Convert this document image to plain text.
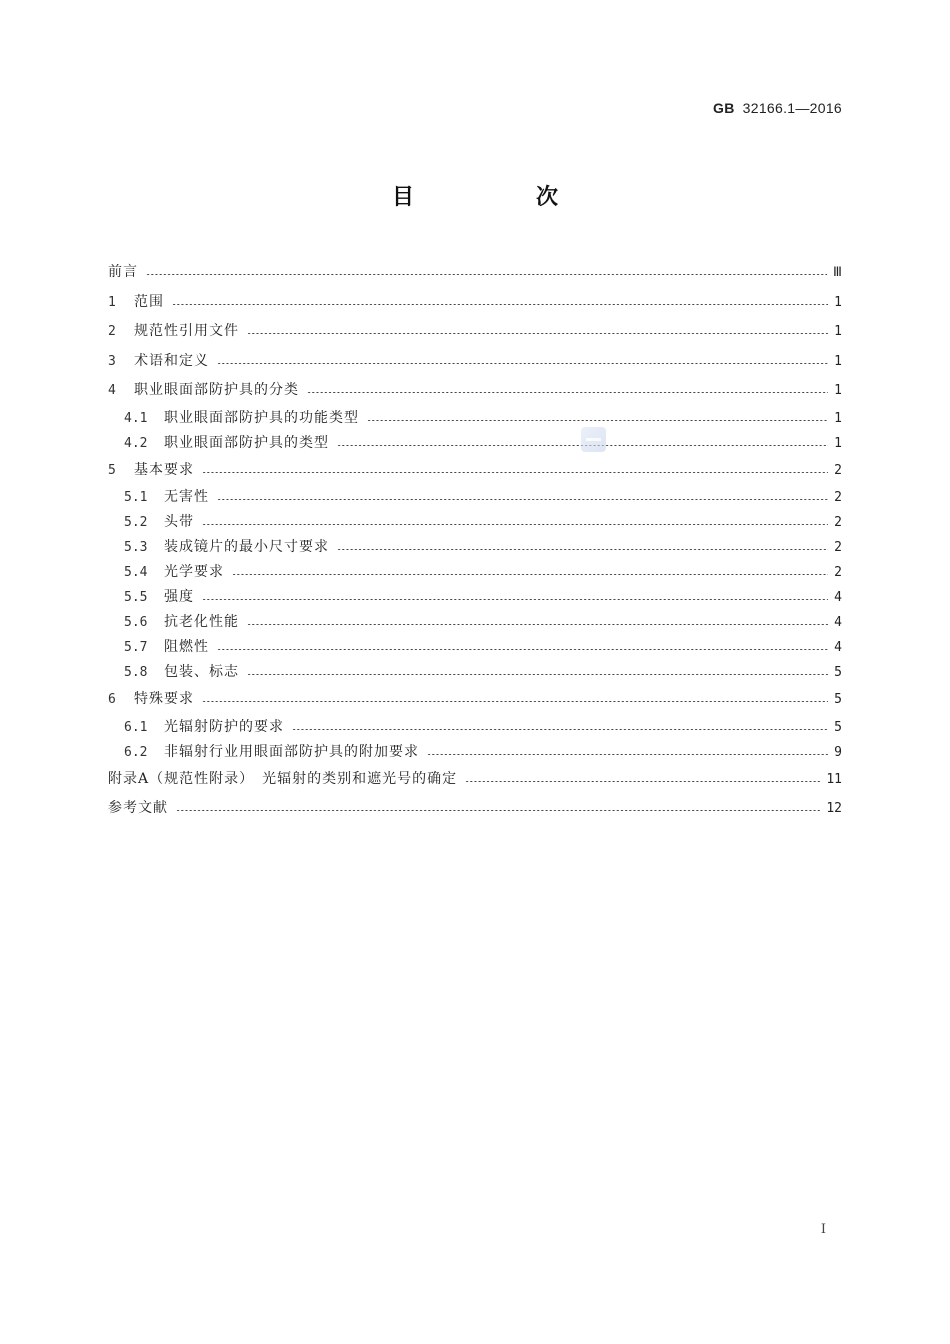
GB 32166.1—2016
目　次
前言	Ⅲ
1	范围	1
2	规范性引用文件	1
3	术语和定义	1
4	职业眼面部防护具的分类	1
4.1	职业眼面部防护具的功能类型	1
4.2	职业眼面部防护具的类型	1
5	基本要求	2
5.1	无害性	2
5.2	头带	2
5.3	装成镜片的最小尺寸要求	2
5.4	光学要求	2
5.5	强度	4
5.6	抗老化性能	4
5.7	阻燃性	4
5.8	包装、标志	5
6	特殊要求	5
6.1	光辐射防护的要求	5
6.2	非辐射行业用眼面部防护具的附加要求	9
附录A（规范性附录）　光辐射的类别和遮光号的确定	11
参考文献	12
I
